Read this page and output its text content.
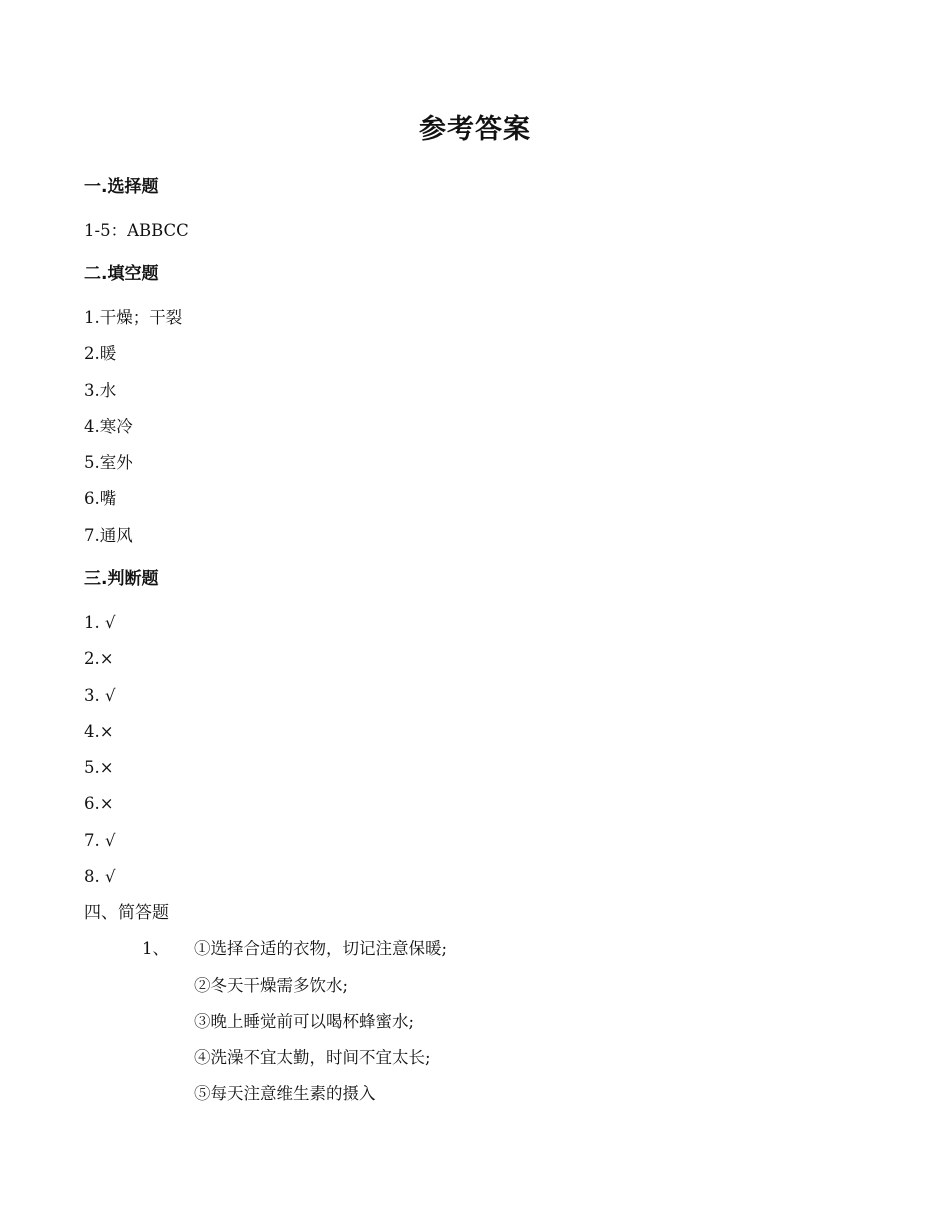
参考答案
一.选择题
1-5：ABBCC
二.填空题
1.干燥；干裂
2.暖
3.水
4.寒冷
5.室外
6.嘴
7.通风
三.判断题
1. √
2.×
3. √
4.×
5.×
6.×
7. √
8. √
四、简答题
1、 ①选择合适的衣物，切记注意保暖;
②冬天干燥需多饮水;
③晚上睡觉前可以喝杯蜂蜜水;
④洗澡不宜太勤，时间不宜太长;
⑤每天注意维生素的摄入
